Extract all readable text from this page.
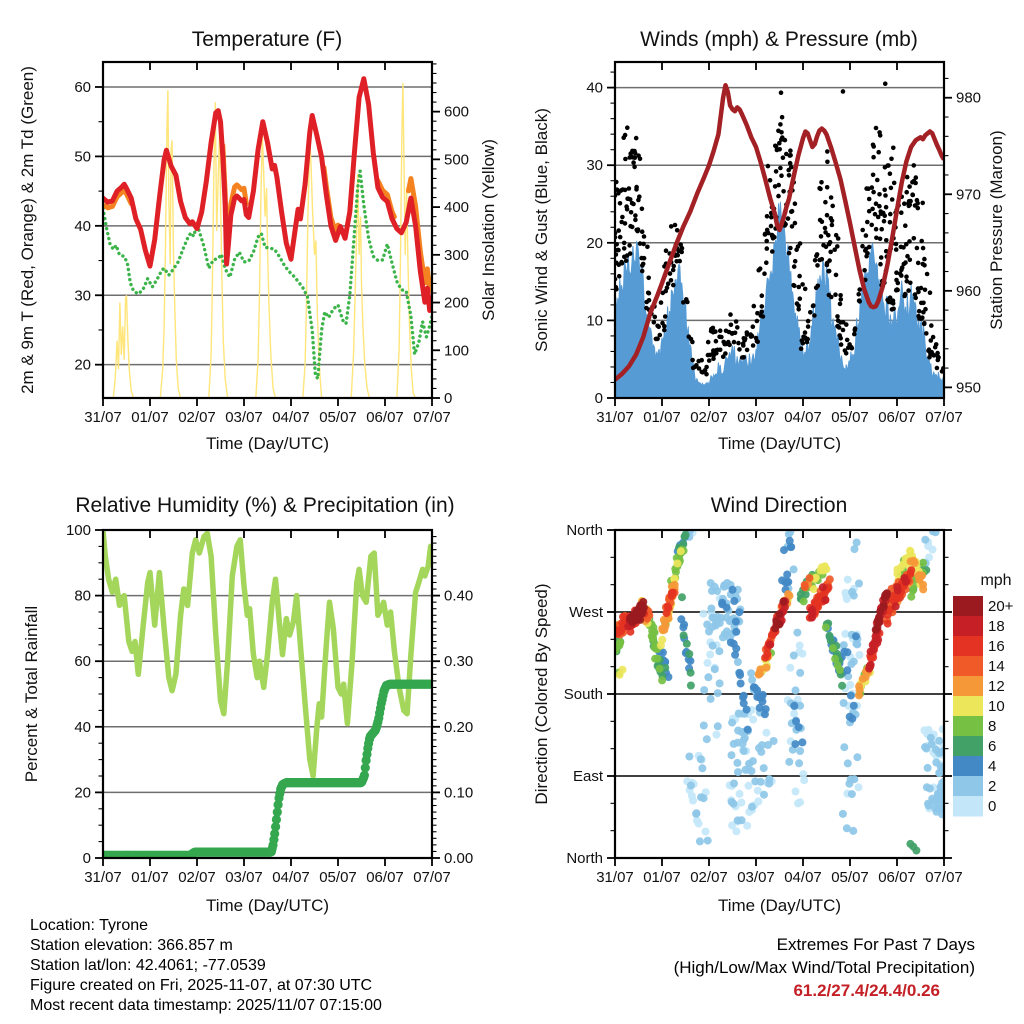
31/07 01/07 02/07 03/07 04/07 05/07 06/07 07/07
Time (Day/UTC)
20
30
40
50
60
2m & 9m T (Red, Orange) & 2m Td (Green)
0
100
200
300
400
500
600
Solar Insolation (Yellow)
Temperature (F)
31/07 01/07 02/07 03/07 04/07 05/07 06/07 07/07
Time (Day/UTC)
0
10
20
30
40
Sonic Wind & Gust (Blue, Black)
950
960
970
980
Station Pressure (Maroon)
Winds (mph) & Pressure (mb)
31/07 01/07 02/07 03/07 04/07 05/07 06/07 07/07
Time (Day/UTC)
0
20
40
60
80
100
Percent & Total Rainfall
0.00
0.10
0.20
0.30
0.40
Relative Humidity (%) & Precipitation (in)
20+
18
16
14
12
10
8
6
4
2
0
mph
31/07 01/07 02/07 03/07 04/07 05/07 06/07 07/07
Time (Day/UTC)
North
East
South
West
North
Direction (Colored By Speed)
Wind Direction
Location: Tyrone
Station elevation: 366.857 m
Station lat/lon: 42.4061; -77.0539
Figure created on Fri, 2025-11-07, at 07:30 UTC
Most recent data timestamp: 2025/11/07 07:15:00
Extremes For Past 7 Days
(High/Low/Max Wind/Total Precipitation)
61.2/27.4/24.4/0.26
